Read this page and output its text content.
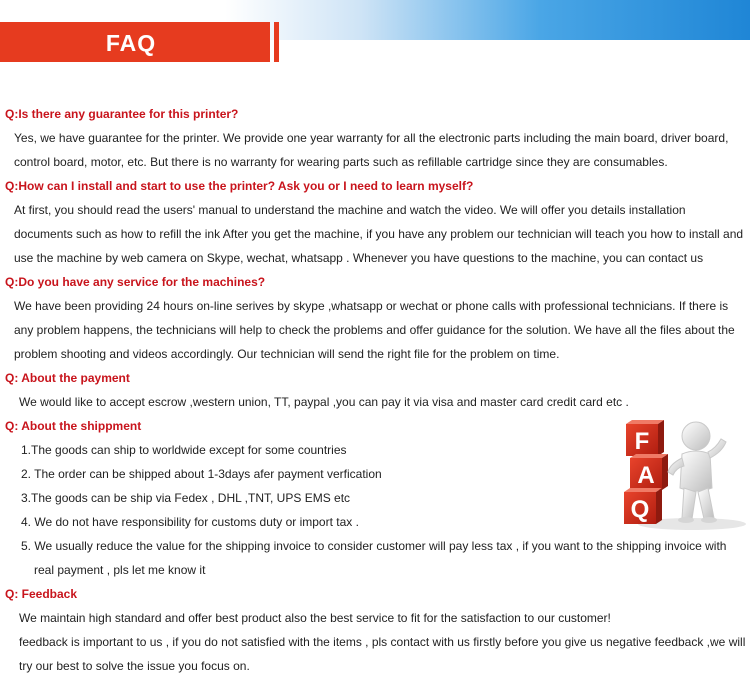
FAQ
Q:Is there any guarantee for this printer?
Yes, we have guarantee for the printer. We provide one year warranty for all the electronic parts including the main board, driver board,
control board, motor, etc. But there is no warranty for wearing parts such as refillable cartridge since they are consumables.
Q:How can I install and start to use the printer? Ask you or I need to learn myself?
At first, you should read the users' manual to understand the machine and watch the video. We will offer you details installation
documents such as how to refill the ink After you get the machine, if you have any problem our technician will teach you how to install and
use the machine by web camera on Skype, wechat, whatsapp . Whenever you have questions to the machine, you can contact us
Q:Do you have any service for the machines?
We have been providing 24 hours on-line serives by skype ,whatsapp or wechat or phone calls with professional technicians. If there is
any problem happens, the technicians will help to check the problems and offer guidance for the solution. We have all the files about the
problem shooting and videos accordingly. Our technician will send the right file for the problem on time.
Q: About the payment
We would like to accept escrow ,western union, TT, paypal ,you can pay it via visa and master card credit card etc .
Q: About the shippment
1.The goods can ship to worldwide except for some countries
2. The order can be shipped about 1-3days afer payment verfication
3.The goods can be ship via Fedex , DHL ,TNT, UPS EMS etc
4. We do not have responsibility for customs duty or import tax .
5. We usually reduce the value for the shipping invoice to consider customer will pay less tax , if you want to the shipping invoice with
real payment , pls let me know it
Q: Feedback
We maintain high standard and offer best product also the best service to fit for the satisfaction to our customer!
feedback is important to us , if you do not satisfied with the items , pls contact with us firstly before you give us negative feedback ,we will
try our best to solve the issue you focus on.
F
A
Q
